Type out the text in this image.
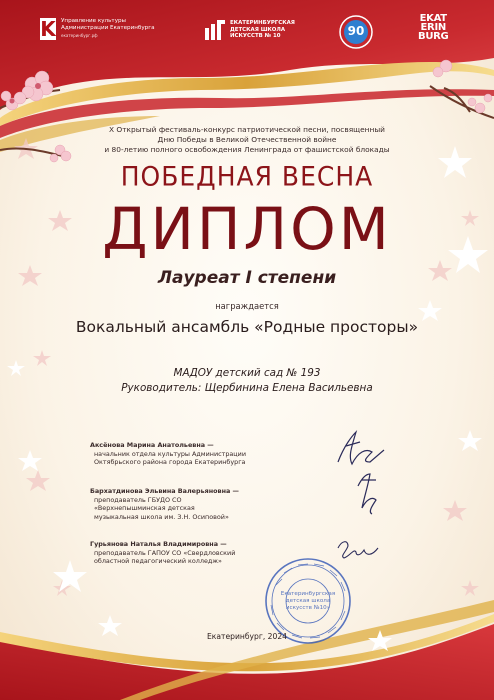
K Управление культуры
Администрации Екатеринбурга
екатеринбург.рф
ЕКАТЕРИНБУРГСКАЯ
ДЕТСКАЯ ШКОЛА
ИСКУССТВ № 10	90
EKAT
ERIN
BURG
X Открытый фестиваль-конкурс патриотической песни, посвященный
Дню Победы в Великой Отечественной войне
и 80-летию полного освобождения Ленинграда от фашистской блокады
ПОБЕДНАЯ ВЕСНА
ДИПЛОМ
Лауреат I степени
награждается
Вокальный ансамбль «Родные просторы»
МАДОУ детский сад № 193
Руководитель: Щербинина Елена Васильевна
Аксёнова Марина Анатольевна —
начальник отдела культуры Администрации
Октябрьского района города Екатеринбурга
Бархатдинова Эльвина Валерьяновна —
преподаватель ГБУДО СО
«Верхнепышминская детская
музыкальная школа им. З.Н. Осиповой»
Гурьянова Наталья Владимировна —
преподаватель ГАПОУ СО «Свердловский
областной педагогический колледж»
Екатеринбургская
детская школа
искусств №10»
Екатеринбург, 2024
